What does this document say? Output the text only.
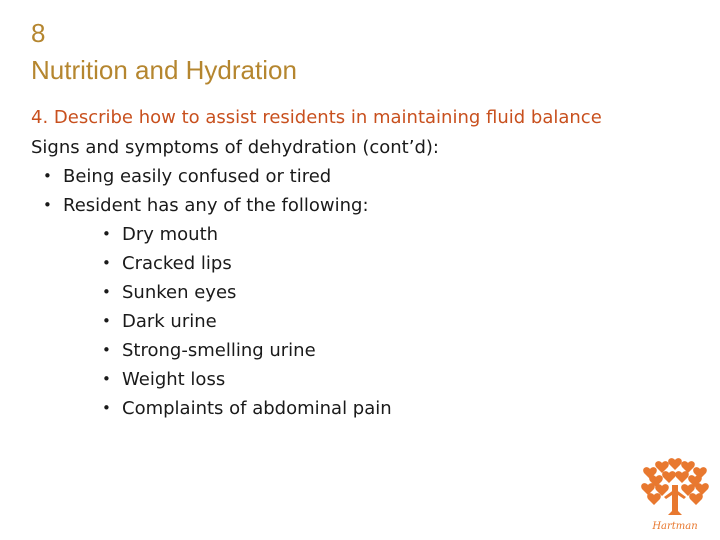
8
Nutrition and Hydration
4. Describe how to assist residents in maintaining fluid balance
Signs and symptoms of dehydration (cont’d):
• Being easily confused or tired
• Resident has any of the following:
• Dry mouth
• Cracked lips
• Sunken eyes
• Dark urine
• Strong-smelling urine
• Weight loss
• Complaints of abdominal pain
Hartman
